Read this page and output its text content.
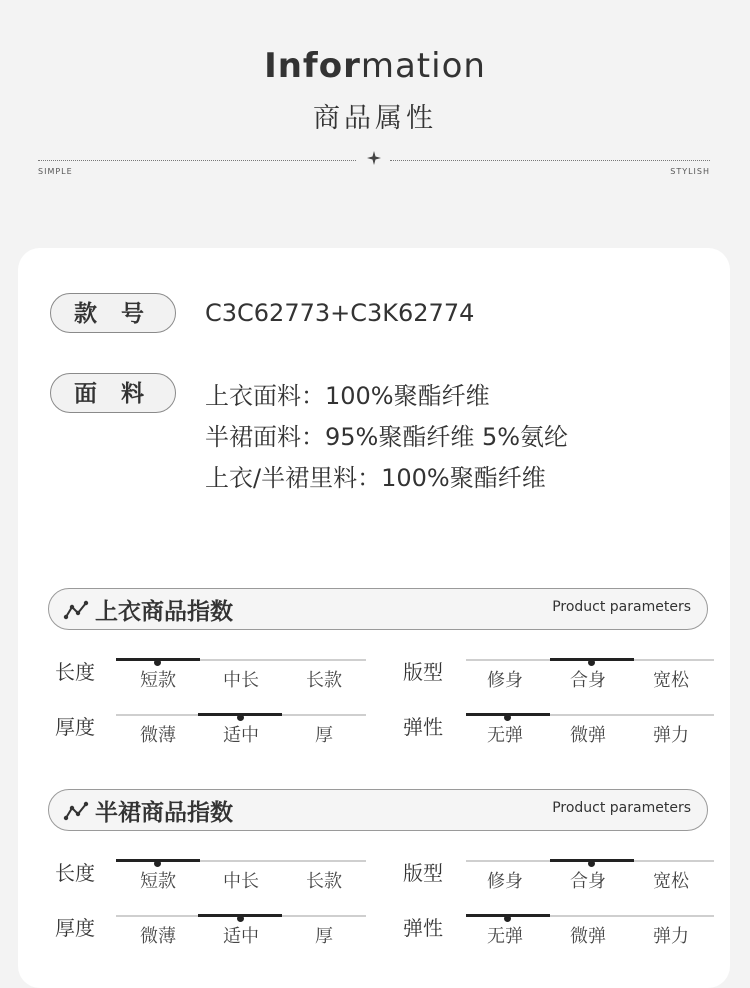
Information
商品属性
SIMPLE	STYLISH
款 号	C3C62773+C3K62774
面 料	上衣面料：100%聚酯纤维
半裙面料：95%聚酯纤维 5%氨纶
上衣/半裙里料：100%聚酯纤维
上衣商品指数	Product parameters
长度	短款	中长	长款	版型	修身	合身	宽松
厚度	微薄	适中	厚	弹性	无弹	微弹	弹力
半裙商品指数	Product parameters
长度	短款	中长	长款	版型	修身	合身	宽松
厚度	微薄	适中	厚	弹性	无弹	微弹	弹力
